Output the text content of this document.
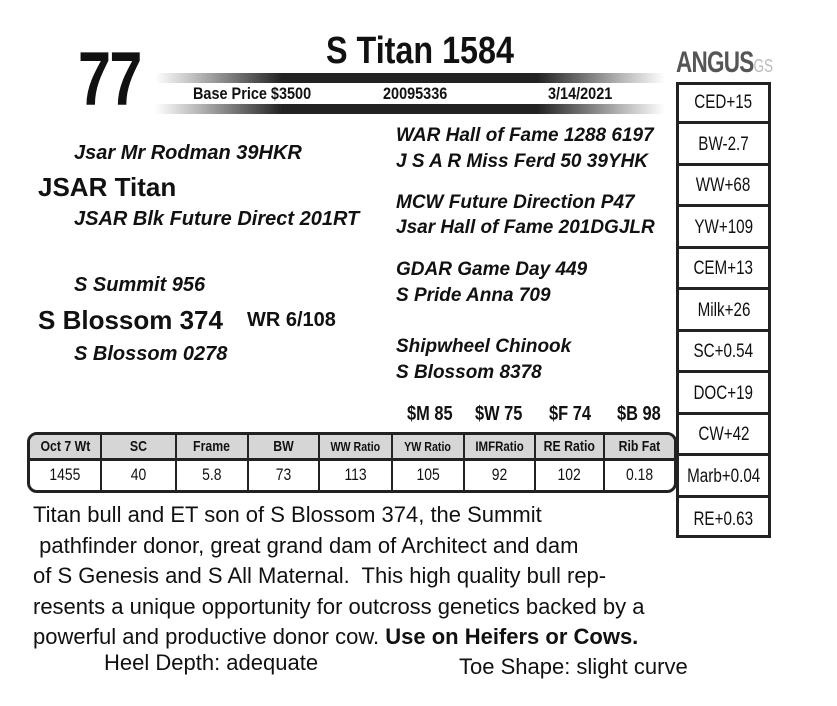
77	S Titan 1584
Base Price $3500	20095336	3/14/2021
ANGUSGS
Jsar Mr Rodman 39HKR
JSAR Titan
JSAR Blk Future Direct 201RT
S Summit 956
S Blossom 374 WR 6/108
S Blossom 0278
WAR Hall of Fame 1288 6197
J S A R Miss Ferd 50 39YHK
MCW Future Direction P47
Jsar Hall of Fame 201DGJLR
GDAR Game Day 449
S Pride Anna 709
Shipwheel Chinook
S Blossom 8378
CED+15
BW-2.7
WW+68
YW+109
CEM+13
Milk+26
SC+0.54
DOC+19
CW+42
Marb+0.04
RE+0.63
$M 85 $W 75 $F 74 $B 98
Oct 7 Wt	SC	Frame	BW	WW Ratio	YW Ratio	IMFRatio	RE Ratio	Rib Fat
1455	40	5.8	73	113	105	92	102	0.18
Titan bull and ET son of S Blossom 374, the Summit
pathfinder donor, great grand dam of Architect and dam
of S Genesis and S All Maternal.  This high quality bull rep-
resents a unique opportunity for outcross genetics backed by a
powerful and productive donor cow. Use on Heifers or Cows.
Heel Depth: adequate	Toe Shape: slight curve
